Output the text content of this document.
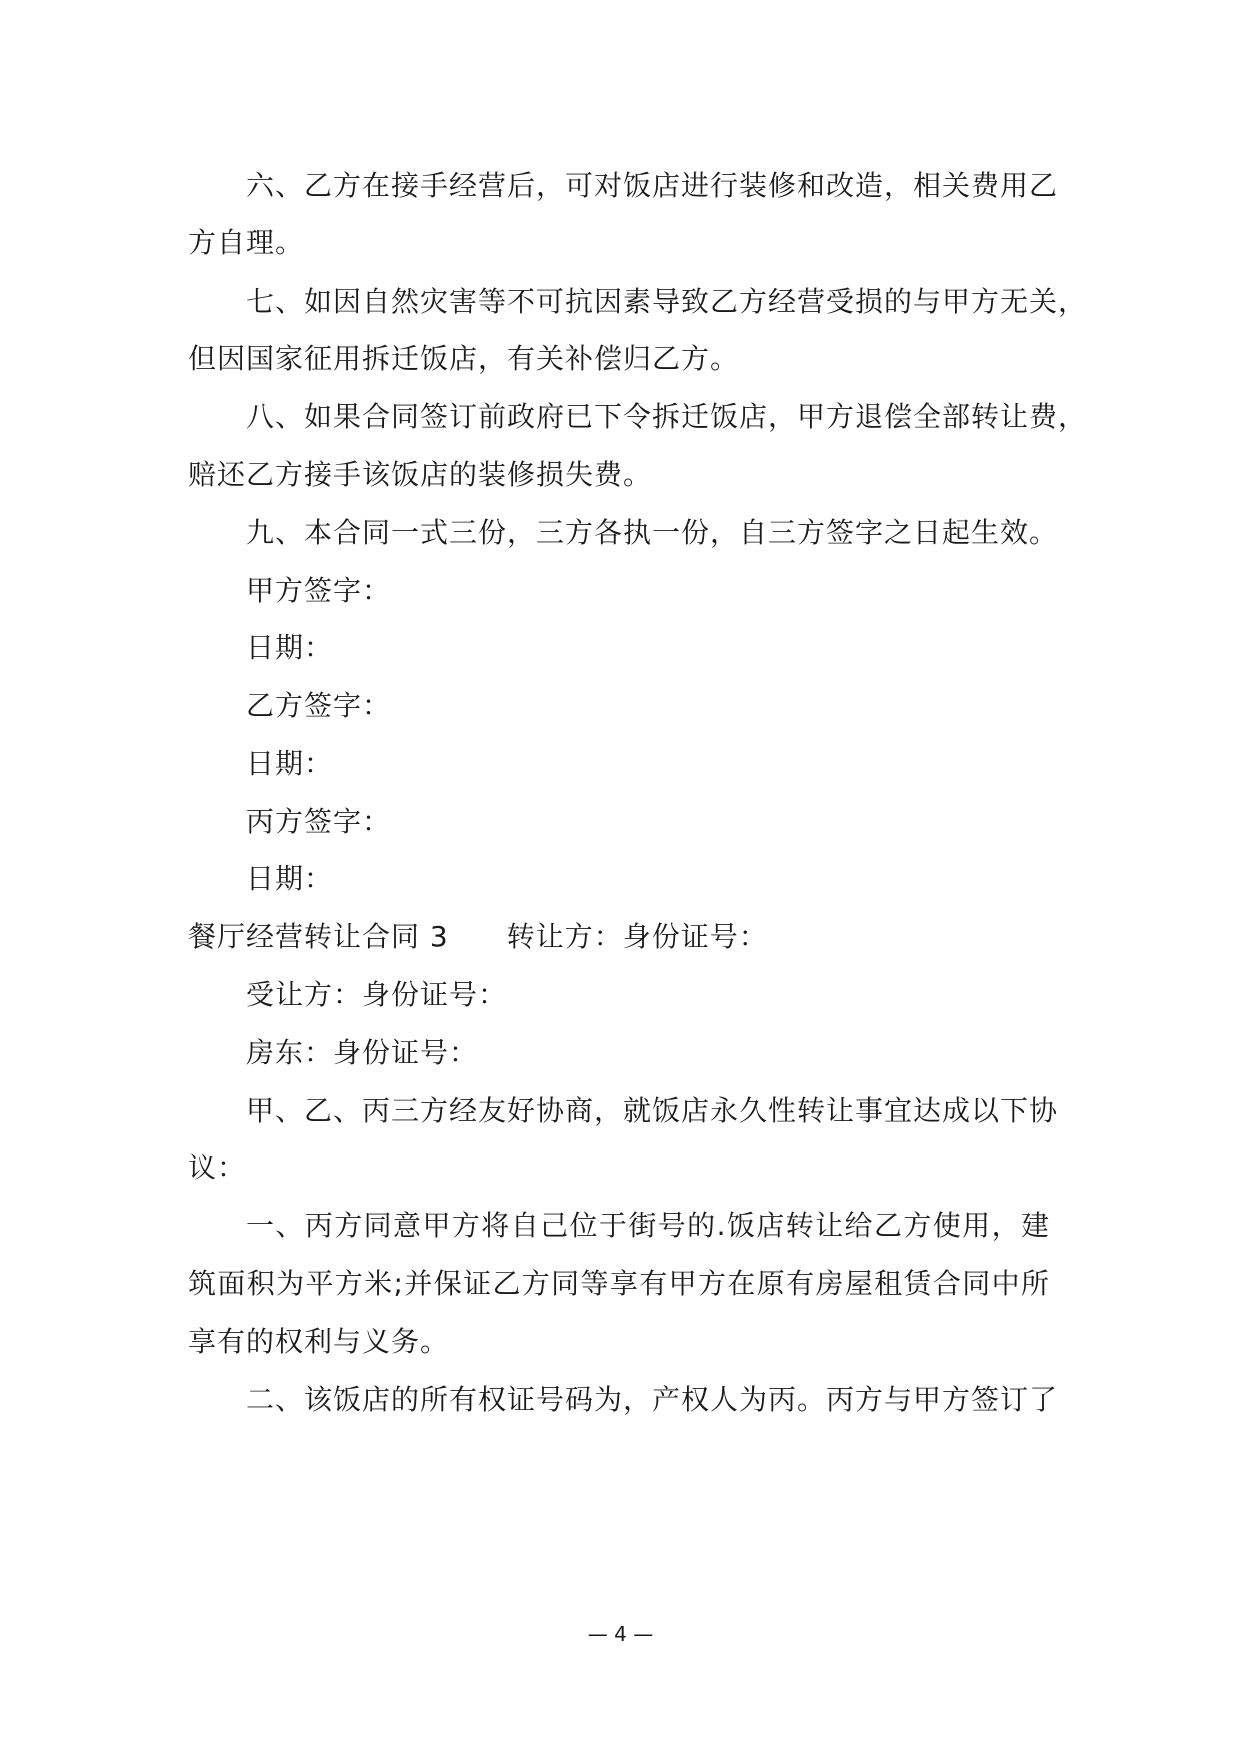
六、乙方在接手经营后，可对饭店进行装修和改造，相关费用乙
方自理。
七、如因自然灾害等不可抗因素导致乙方经营受损的与甲方无关，
但因国家征用拆迁饭店，有关补偿归乙方。
八、如果合同签订前政府已下令拆迁饭店，甲方退偿全部转让费，
赔还乙方接手该饭店的装修损失费。
九、本合同一式三份，三方各执一份，自三方签字之日起生效。
甲方签字：
日期：
乙方签字：
日期：
丙方签字：
日期：
餐厅经营转让合同 3 转让方：身份证号：
受让方：身份证号：
房东：身份证号：
甲、乙、丙三方经友好协商，就饭店永久性转让事宜达成以下协
议：
一、丙方同意甲方将自己位于街号的.饭店转让给乙方使用，建
筑面积为平方米;并保证乙方同等享有甲方在原有房屋租赁合同中所
享有的权利与义务。
二、该饭店的所有权证号码为，产权人为丙。丙方与甲方签订了
— 4 —
